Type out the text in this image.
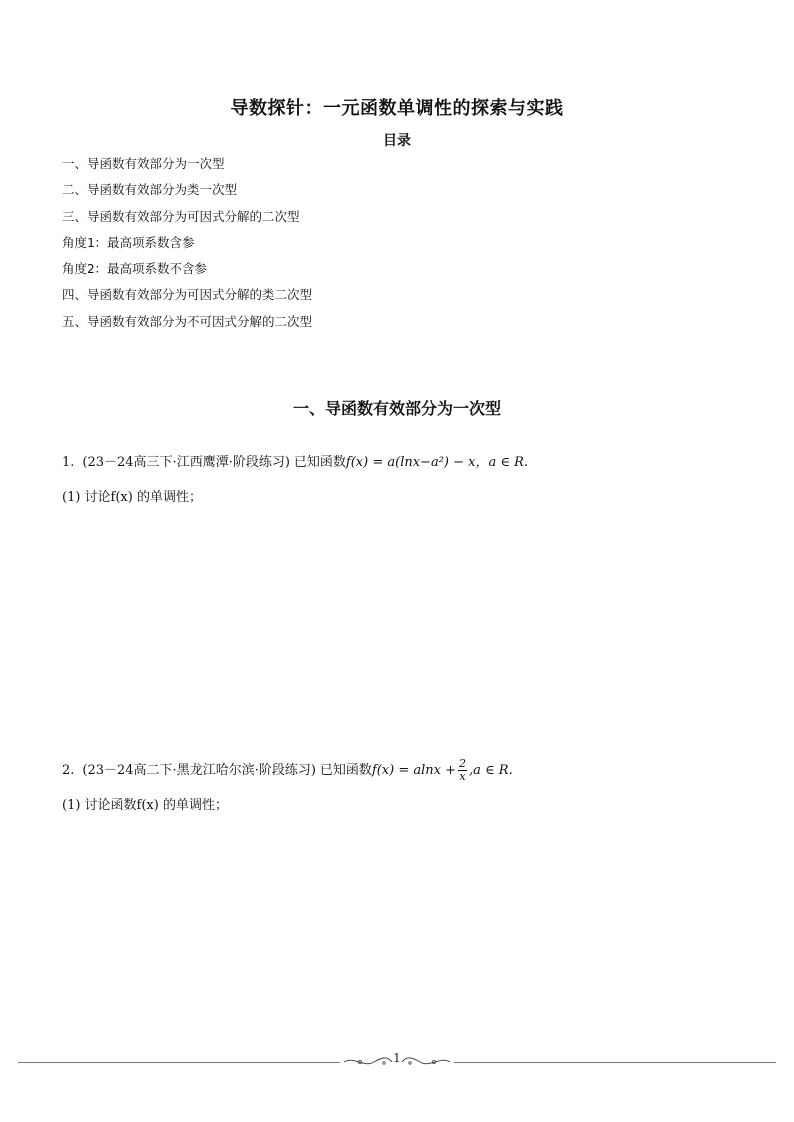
导数探针：一元函数单调性的探索与实践
目录
一、导函数有效部分为一次型
二、导函数有效部分为类一次型
三、导函数有效部分为可因式分解的二次型
角度1：最高项系数含参
角度2：最高项系数不含参
四、导函数有效部分为可因式分解的类二次型
五、导函数有效部分为不可因式分解的二次型
一、导函数有效部分为一次型
1. (23－24高三下·江西鹰潭·阶段练习) 已知函数f(x) = a(lnx−a²) − x，a ∈ R.
(1) 讨论f(x) 的单调性；
2. (23－24高二下·黑龙江哈尔滨·阶段练习) 已知函数$f(x) = alnx + \frac{2}{x} ,a$ ∈ R.
(1) 讨论函数f(x) 的单调性；
1
